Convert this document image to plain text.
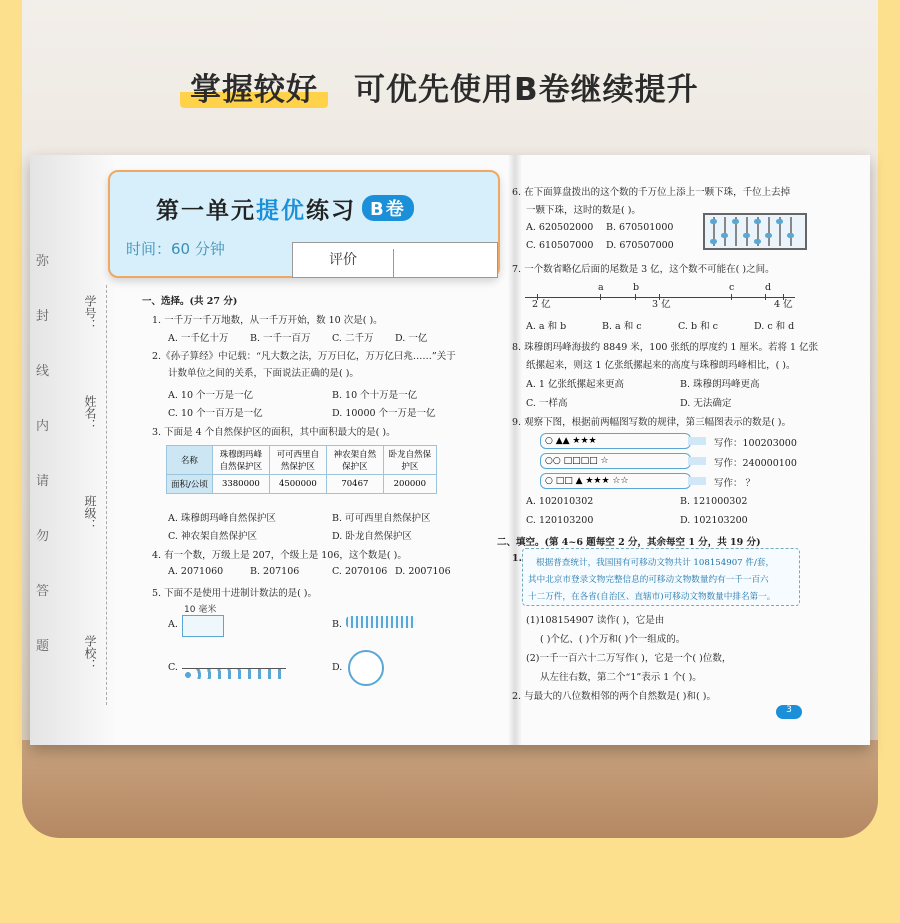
掌握较好 可优先使用B卷继续提升
弥
封
线
内
请
勿
答
题
学号：
姓名：
班级：
学校：
第一单元提优练习 B卷
时间：60 分钟
评价
一、选择。(共 27 分)
1. 一千万一千万地数，从一千万开始，数 10 次是( )。
A. 一千亿十万 B. 一千一百万 C. 二千万 D. 一亿
2.《孙子算经》中记载：“凡大数之法，万万曰亿，万万亿曰兆……”关于
计数单位之间的关系，下面说法正确的是( )。
A. 10 个一万是一亿	B. 10 个十万是一亿
C. 10 个一百万是一亿	D. 10000 个一万是一亿
3. 下面是 4 个自然保护区的面积，其中面积最大的是( )。
名称	珠穆朗玛峰自然保护区	可可西里自然保护区	神农架自然保护区	卧龙自然保护区

面积/公顷	3380000	4500000	70467	200000
A. 珠穆朗玛峰自然保护区	B. 可可西里自然保护区
C. 神农架自然保护区	D. 卧龙自然保护区
4. 有一个数，万级上是 207，个级上是 106，这个数是( )。
A. 2071060	B. 207106	C. 2070106 D. 2007106
5. 下面不是使用十进制计数法的是( )。
A.
10 毫米
B.
C.	D.
6. 在下面算盘拨出的这个数的千万位上添上一颗下珠，千位上去掉
一颗下珠，这时的数是( )。
A. 620502000 B. 670501000
C. 610507000 D. 670507000
7. 一个数省略亿后面的尾数是 3 亿，这个数不可能在( )之间。
2 亿
a	b
3 亿
c	d
4 亿
A. a 和 b	B. a 和 c	C. b 和 c	D. c 和 d
8. 珠穆朗玛峰海拔约 8849 米，100 张纸的厚度约 1 厘米。若将 1 亿张
纸摞起来，则这 1 亿张纸摞起来的高度与珠穆朗玛峰相比，( )。
A. 1 亿张纸摞起来更高	B. 珠穆朗玛峰更高
C. 一样高	D. 无法确定
9. 观察下图，根据前两幅图写数的规律，第三幅图表示的数是( )。
○ ▲▲ ★★★	写作：100203000
○○ □□□□ ☆	写作：240000100
○ □□ ▲ ★★★ ☆☆	写作： ？
A. 102010302	B. 121000302
C. 120103200	D. 102103200
二、填空。(第 4~6 题每空 2 分，其余每空 1 分，共 19 分)
1. 根据普查统计，我国国有可移动文物共计 108154907 件/套，
其中北京市登录文物完整信息的可移动文物数量约有一千一百六
十二万件，在各省(自治区、直辖市)可移动文物数量中排名第一。
(1)108154907 读作( )，它是由
( )个亿、( )个万和( )个一组成的。
(2)一千一百六十二万写作( )，它是一个( )位数，
从左往右数，第二个“1”表示 1 个( )。
2. 与最大的八位数相邻的两个自然数是( )和( )。
3
